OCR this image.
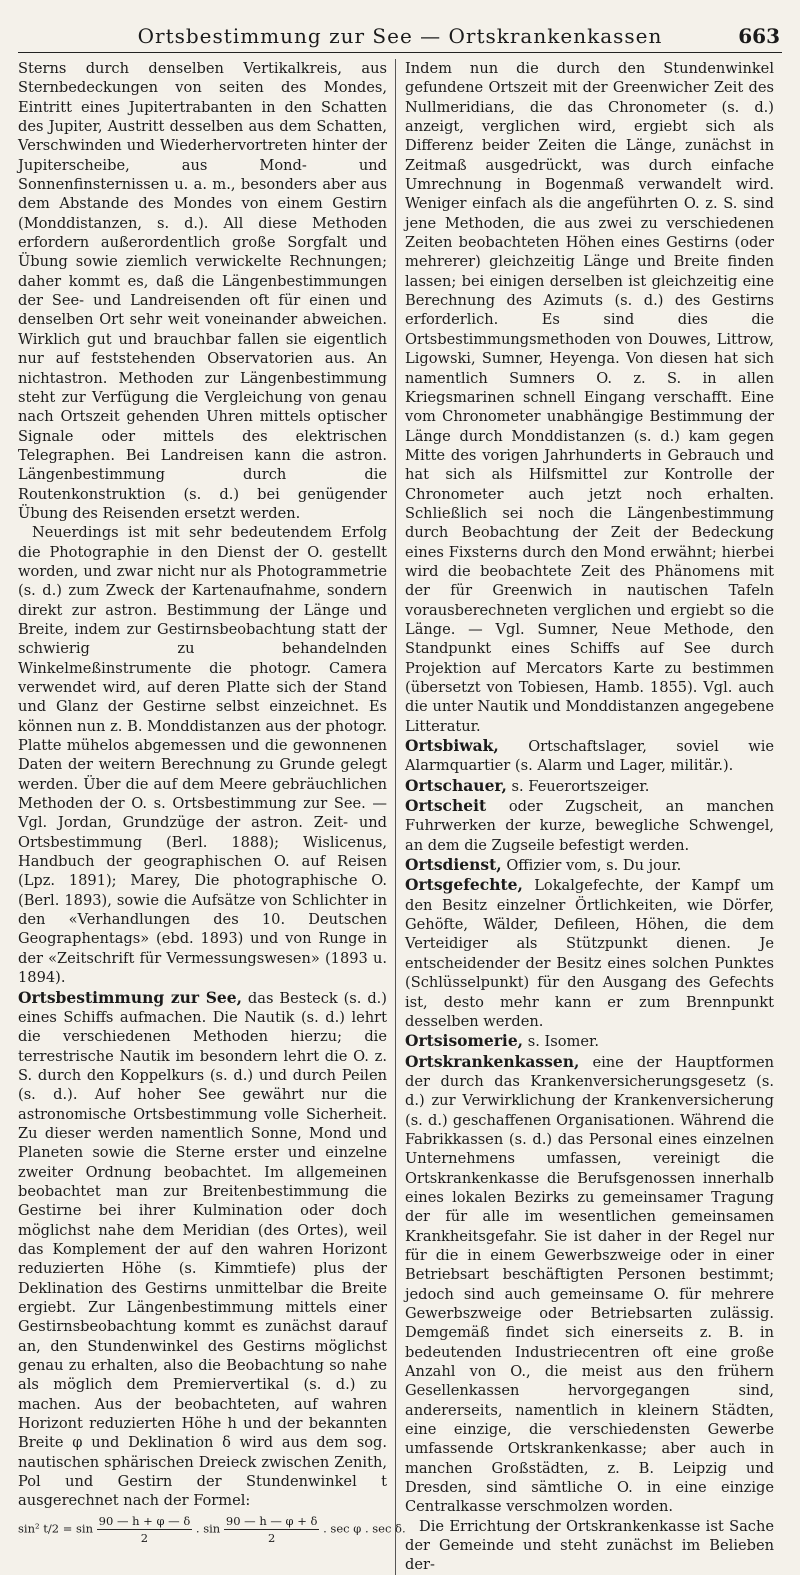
Ortsbestimmung zur See — Ortskrankenkassen	663

Sterns durch denselben Vertikalkreis, aus Sternbedeckungen von seiten des Mondes, Eintritt eines Jupitertrabanten in den Schatten des Jupiter, Austritt desselben aus dem Schatten, Verschwinden und Wiederhervortreten hinter der Jupiterscheibe, aus Mond- und Sonnenfinsternissen u. a. m., besonders aber aus dem Abstande des Mondes von einem Gestirn (Monddistanzen, s. d.). All diese Methoden erfordern außerordentlich große Sorgfalt und Übung sowie ziemlich verwickelte Rechnungen; daher kommt es, daß die Längenbestimmungen der See- und Landreisenden oft für einen und denselben Ort sehr weit voneinander abweichen. Wirklich gut und brauchbar fallen sie eigentlich nur auf feststehenden Observatorien aus. An nichtastron. Methoden zur Längenbestimmung steht zur Verfügung die Vergleichung von genau nach Ortszeit gehenden Uhren mittels optischer Signale oder mittels des elektrischen Telegraphen. Bei Landreisen kann die astron. Längenbestimmung durch die Routenkonstruktion (s. d.) bei genügender Übung des Reisenden ersetzt werden.

Neuerdings ist mit sehr bedeutendem Erfolg die Photographie in den Dienst der O. gestellt worden, und zwar nicht nur als Photogrammetrie (s. d.) zum Zweck der Kartenaufnahme, sondern direkt zur astron. Bestimmung der Länge und Breite, indem zur Gestirnsbeobachtung statt der schwierig zu behandelnden Winkelmeßinstrumente die photogr. Camera verwendet wird, auf deren Platte sich der Stand und Glanz der Gestirne selbst einzeichnet. Es können nun z. B. Monddistanzen aus der photogr. Platte mühelos abgemessen und die gewonnenen Daten der weitern Berechnung zu Grunde gelegt werden. Über die auf dem Meere gebräuchlichen Methoden der O. s. Ortsbestimmung zur See. — Vgl. Jordan, Grundzüge der astron. Zeit- und Ortsbestimmung (Berl. 1888); Wislicenus, Handbuch der geographischen O. auf Reisen (Lpz. 1891); Marey, Die photographische O. (Berl. 1893), sowie die Aufsätze von Schlichter in den «Verhandlungen des 10. Deutschen Geographentags» (ebd. 1893) und von Runge in der «Zeitschrift für Vermessungswesen» (1893 u. 1894).

Ortsbestimmung zur See, das Besteck (s. d.) eines Schiffs aufmachen. Die Nautik (s. d.) lehrt die verschiedenen Methoden hierzu; die terrestrische Nautik im besondern lehrt die O. z. S. durch den Koppelkurs (s. d.) und durch Peilen (s. d.). Auf hoher See gewährt nur die astronomische Ortsbestimmung volle Sicherheit. Zu dieser werden namentlich Sonne, Mond und Planeten sowie die Sterne erster und einzelne zweiter Ordnung beobachtet. Im allgemeinen beobachtet man zur Breitenbestimmung die Gestirne bei ihrer Kulmination oder doch möglichst nahe dem Meridian (des Ortes), weil das Komplement der auf den wahren Horizont reduzierten Höhe (s. Kimmtiefe) plus der Deklination des Gestirns unmittelbar die Breite ergiebt. Zur Längenbestimmung mittels einer Gestirnsbeobachtung kommt es zunächst darauf an, den Stundenwinkel des Gestirns möglichst genau zu erhalten, also die Beobachtung so nahe als möglich dem Premiervertikal (s. d.) zu machen. Aus der beobachteten, auf wahren Horizont reduzierten Höhe h und der bekannten Breite φ und Deklination δ wird aus dem sog. nautischen sphärischen Dreieck zwischen Zenith, Pol und Gestirn der Stundenwinkel t ausgerechnet nach der Formel:

sin² $t/2 = \sin \frac{90 — h + \varphi — \delta}{2}$ . $\sin \frac{90 — h — \varphi + \delta}{2}$ . sec φ . sec δ.

Indem nun die durch den Stundenwinkel gefundene Ortszeit mit der Greenwicher Zeit des Nullmeridians, die das Chronometer (s. d.) anzeigt, verglichen wird, ergiebt sich als Differenz beider Zeiten die Länge, zunächst in Zeitmaß ausgedrückt, was durch einfache Umrechnung in Bogenmaß verwandelt wird. Weniger einfach als die angeführten O. z. S. sind jene Methoden, die aus zwei zu verschiedenen Zeiten beobachteten Höhen eines Gestirns (oder mehrerer) gleichzeitig Länge und Breite finden lassen; bei einigen derselben ist gleichzeitig eine Berechnung des Azimuts (s. d.) des Gestirns erforderlich. Es sind dies die Ortsbestimmungsmethoden von Douwes, Littrow, Ligowski, Sumner, Heyenga. Von diesen hat sich namentlich Sumners O. z. S. in allen Kriegsmarinen schnell Eingang verschafft. Eine vom Chronometer unabhängige Bestimmung der Länge durch Monddistanzen (s. d.) kam gegen Mitte des vorigen Jahrhunderts in Gebrauch und hat sich als Hilfsmittel zur Kontrolle der Chronometer auch jetzt noch erhalten. Schließlich sei noch die Längenbestimmung durch Beobachtung der Zeit der Bedeckung eines Fixsterns durch den Mond erwähnt; hierbei wird die beobachtete Zeit des Phänomens mit der für Greenwich in nautischen Tafeln vorausberechneten verglichen und ergiebt so die Länge. — Vgl. Sumner, Neue Methode, den Standpunkt eines Schiffs auf See durch Projektion auf Mercators Karte zu bestimmen (übersetzt von Tobiesen, Hamb. 1855). Vgl. auch die unter Nautik und Monddistanzen angegebene Litteratur.

Ortsbiwak, Ortschaftslager, soviel wie Alarmquartier (s. Alarm und Lager, militär.).

Ortschauer, s. Feuerortszeiger.

Ortscheit oder Zugscheit, an manchen Fuhrwerken der kurze, bewegliche Schwengel, an dem die Zugseile befestigt werden.

Ortsdienst, Offizier vom, s. Du jour.

Ortsgefechte, Lokalgefechte, der Kampf um den Besitz einzelner Örtlichkeiten, wie Dörfer, Gehöfte, Wälder, Defileen, Höhen, die dem Verteidiger als Stützpunkt dienen. Je entscheidender der Besitz eines solchen Punktes (Schlüsselpunkt) für den Ausgang des Gefechts ist, desto mehr kann er zum Brennpunkt desselben werden.

Ortsisomerie, s. Isomer.

Ortskrankenkassen, eine der Hauptformen der durch das Krankenversicherungsgesetz (s. d.) zur Verwirklichung der Krankenversicherung (s. d.) geschaffenen Organisationen. Während die Fabrikkassen (s. d.) das Personal eines einzelnen Unternehmens umfassen, vereinigt die Ortskrankenkasse die Berufsgenossen innerhalb eines lokalen Bezirks zu gemeinsamer Tragung der für alle im wesentlichen gemeinsamen Krankheitsgefahr. Sie ist daher in der Regel nur für die in einem Gewerbszweige oder in einer Betriebsart beschäftigten Personen bestimmt; jedoch sind auch gemeinsame O. für mehrere Gewerbszweige oder Betriebsarten zulässig. Demgemäß findet sich einerseits z. B. in bedeutenden Industriecentren oft eine große Anzahl von O., die meist aus den frühern Gesellenkassen hervorgegangen sind, andererseits, namentlich in kleinern Städten, eine einzige, die verschiedensten Gewerbe umfassende Ortskrankenkasse; aber auch in manchen Großstädten, z. B. Leipzig und Dresden, sind sämtliche O. in eine einzige Centralkasse verschmolzen worden.

Die Errichtung der Ortskrankenkasse ist Sache der Gemeinde und steht zunächst im Belieben der-
